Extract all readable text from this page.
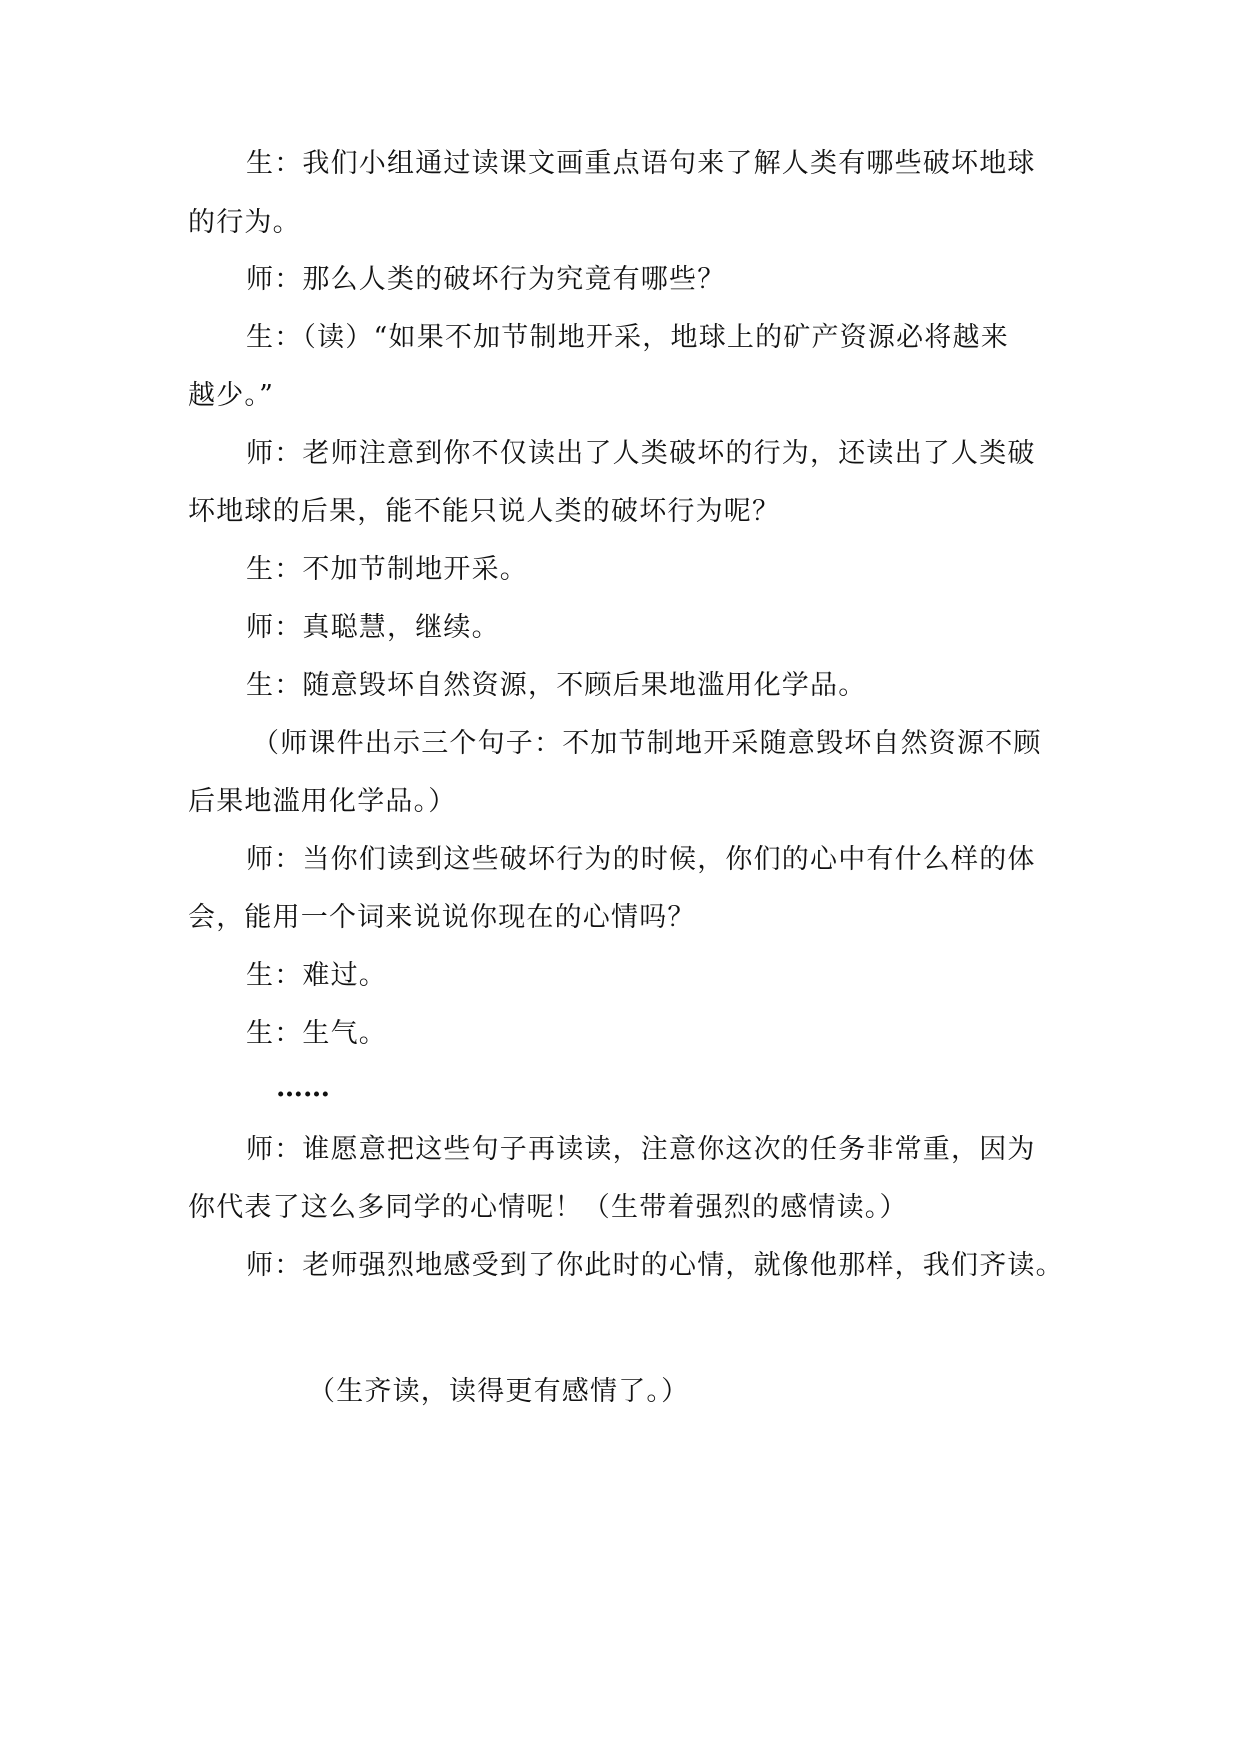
生：我们小组通过读课文画重点语句来了解人类有哪些破坏地球
的行为。
师：那么人类的破坏行为究竟有哪些？
生：（读）“如果不加节制地开采，地球上的矿产资源必将越来
越少。”
师：老师注意到你不仅读出了人类破坏的行为，还读出了人类破
坏地球的后果，能不能只说人类的破坏行为呢？
生：不加节制地开采。
师：真聪慧，继续。
生：随意毁坏自然资源，不顾后果地滥用化学品。
（师课件出示三个句子：不加节制地开采随意毁坏自然资源不顾
后果地滥用化学品。）
师：当你们读到这些破坏行为的时候，你们的心中有什么样的体
会，能用一个词来说说你现在的心情吗？
生：难过。
生：生气。
……
师：谁愿意把这些句子再读读，注意你这次的任务非常重，因为
你代表了这么多同学的心情呢！（生带着强烈的感情读。）
师：老师强烈地感受到了你此时的心情，就像他那样，我们齐读。
（生齐读，读得更有感情了。）
